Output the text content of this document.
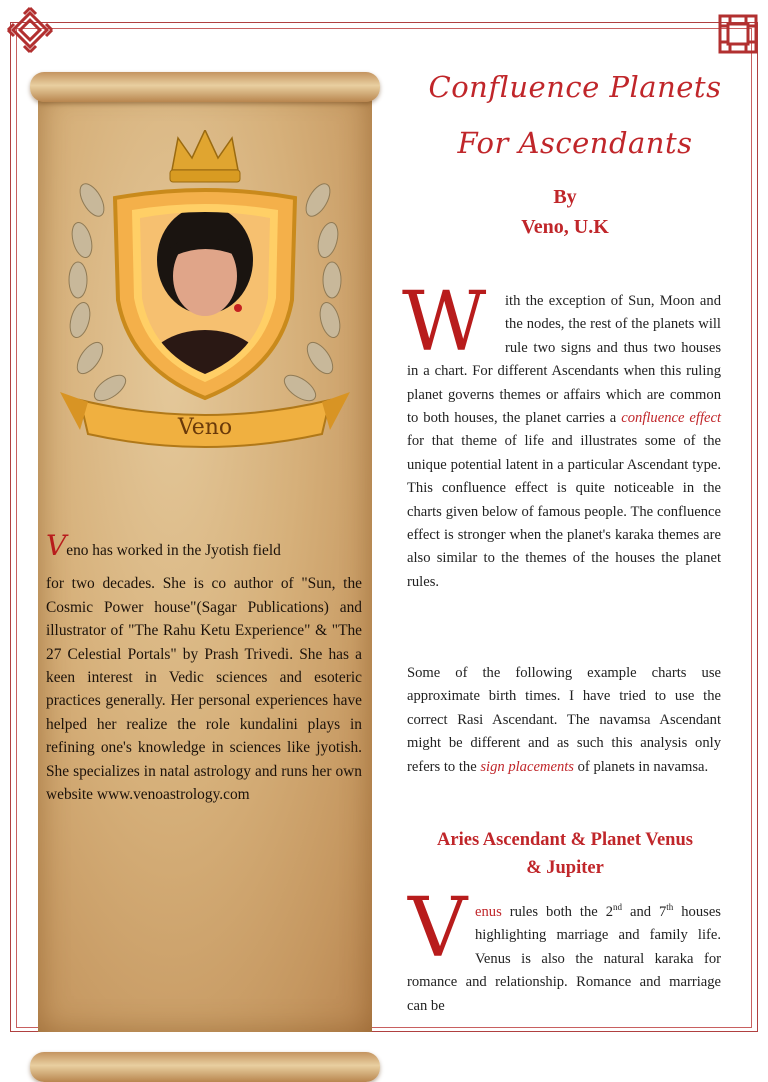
Veno
Veno has worked in the Jyotish field
for two decades. She is co author of "Sun, the Cosmic Power house"(Sagar Publications) and illustrator of "The Rahu Ketu Experience" & "The 27 Celestial Portals" by Prash Trivedi. She has a keen interest in Vedic sciences and esoteric practices generally. Her personal experiences have helped her realize the role kundalini plays in refining one's knowledge in sciences like jyotish. She specializes in natal astrology and runs her own website www.venoastrology.com
Confluence Planets
For Ascendants
By
Veno, U.K
W	ith the exception of Sun, Moon and the nodes, the rest of the planets will rule two signs and thus two houses in a chart. For different Ascendants when this ruling planet governs themes or affairs which are common to both houses, the planet carries a confluence effect for that theme of life and illustrates some of the unique potential latent in a particular Ascendant type. This confluence effect is quite noticeable in the charts given below of famous people. The confluence effect is stronger when the planet's karaka themes are also similar to the themes of the houses the planet rules.
Some of the following example charts use approximate birth times. I have tried to use the correct Rasi Ascendant. The navamsa Ascendant might be different and as such this analysis only refers to the sign placements of planets in navamsa.
Aries Ascendant & Planet Venus
& Jupiter
V enus rules both the 2nd and 7th houses highlighting marriage and family life. Venus is also the natural karaka for romance and relationship. Romance and marriage can be
